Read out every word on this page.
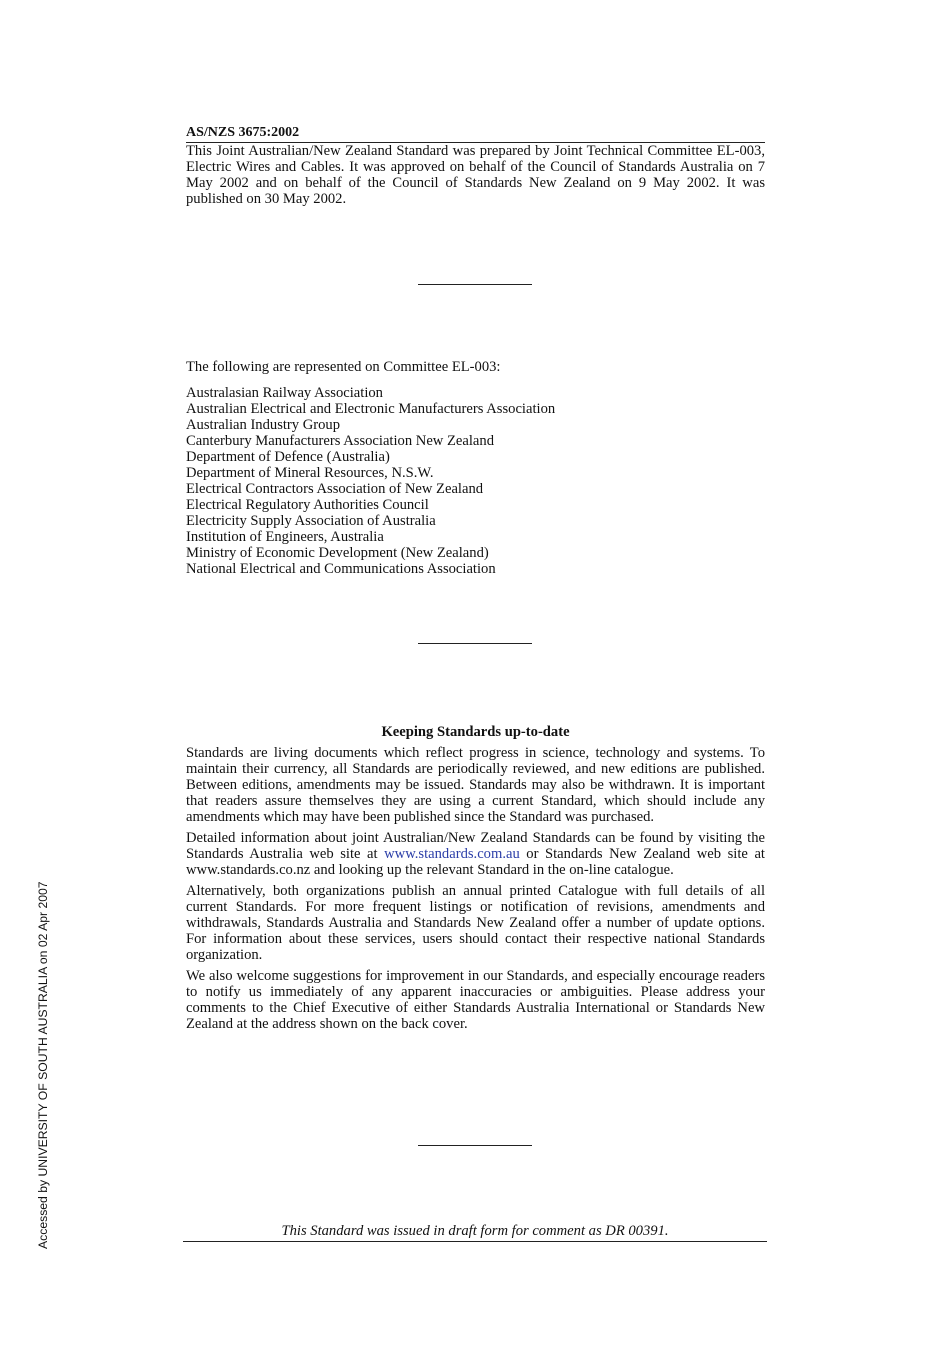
AS/NZS 3675:2002

This Joint Australian/New Zealand Standard was prepared by Joint Technical Committee EL-003, Electric Wires and Cables. It was approved on behalf of the Council of Standards Australia on 7 May 2002 and on behalf of the Council of Standards New Zealand on 9 May 2002. It was published on 30 May 2002.

The following are represented on Committee EL-003:

Australasian Railway Association
Australian Electrical and Electronic Manufacturers Association
Australian Industry Group
Canterbury Manufacturers Association New Zealand
Department of Defence (Australia)
Department of Mineral Resources, N.S.W.
Electrical Contractors Association of New Zealand
Electrical Regulatory Authorities Council
Electricity Supply Association of Australia
Institution of Engineers, Australia
Ministry of Economic Development (New Zealand)
National Electrical and Communications Association
Keeping Standards up-to-date

Standards are living documents which reflect progress in science, technology and systems. To maintain their currency, all Standards are periodically reviewed, and new editions are published. Between editions, amendments may be issued. Standards may also be withdrawn. It is important that readers assure themselves they are using a current Standard, which should include any amendments which may have been published since the Standard was purchased.

Detailed information about joint Australian/New Zealand Standards can be found by visiting the Standards Australia web site at www.standards.com.au or Standards New Zealand web site at www.standards.co.nz and looking up the relevant Standard in the on-line catalogue.

Alternatively, both organizations publish an annual printed Catalogue with full details of all current Standards. For more frequent listings or notification of revisions, amendments and withdrawals, Standards Australia and Standards New Zealand offer a number of update options. For information about these services, users should contact their respective national Standards organization.

We also welcome suggestions for improvement in our Standards, and especially encourage readers to notify us immediately of any apparent inaccuracies or ambiguities. Please address your comments to the Chief Executive of either Standards Australia International or Standards New Zealand at the address shown on the back cover.

This Standard was issued in draft form for comment as DR 00391.

Accessed by UNIVERSITY OF SOUTH AUSTRALIA on 02 Apr 2007
